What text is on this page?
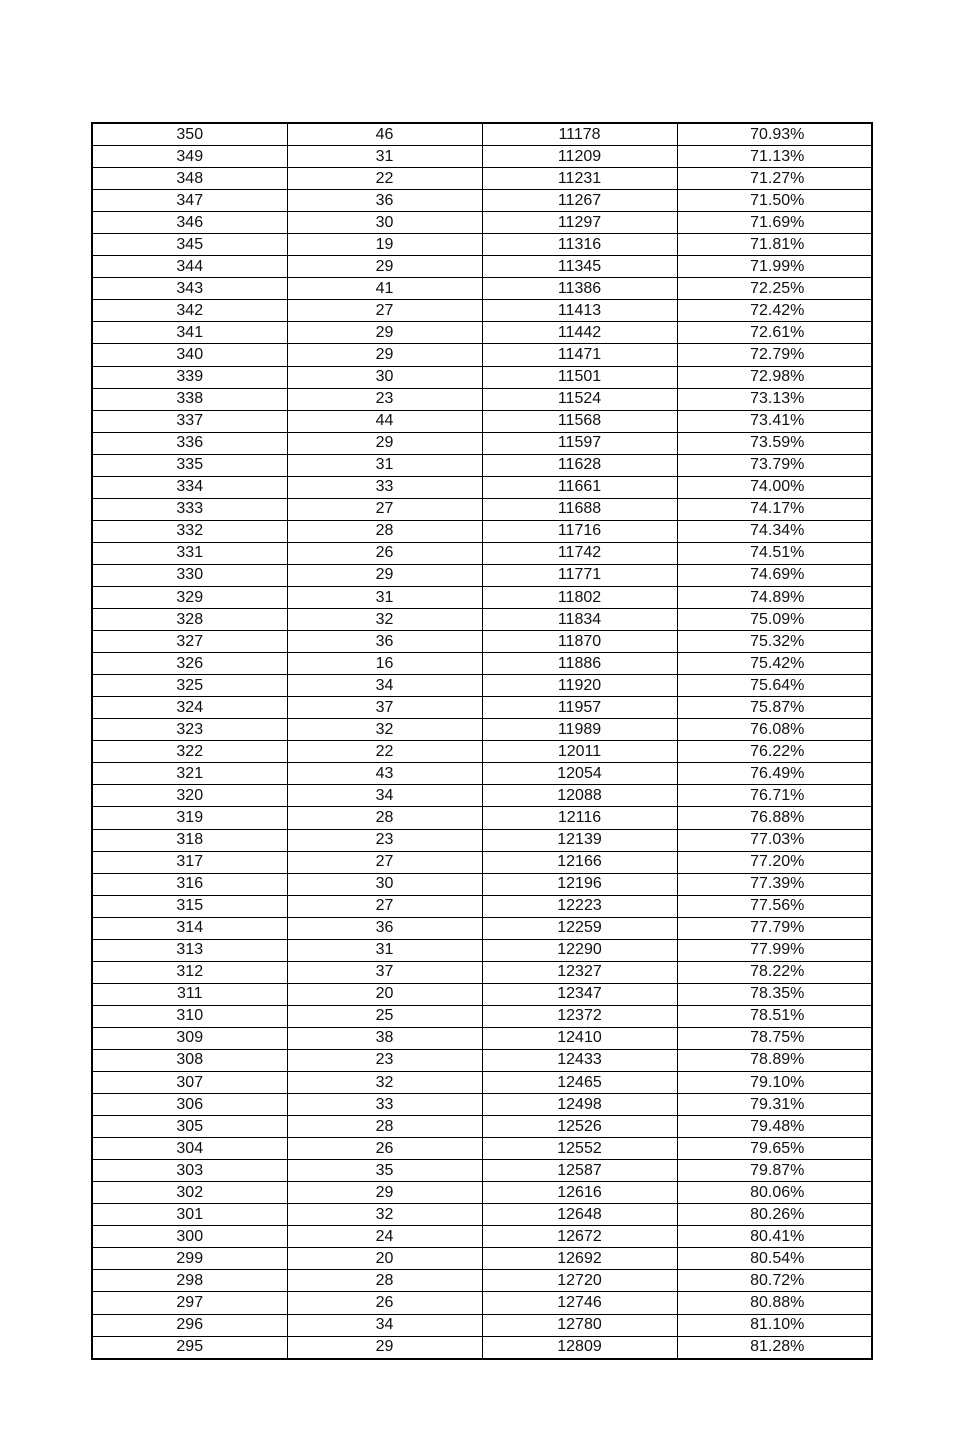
350	46	11178	70.93%
349	31	11209	71.13%
348	22	11231	71.27%
347	36	11267	71.50%
346	30	11297	71.69%
345	19	11316	71.81%
344	29	11345	71.99%
343	41	11386	72.25%
342	27	11413	72.42%
341	29	11442	72.61%
340	29	11471	72.79%
339	30	11501	72.98%
338	23	11524	73.13%
337	44	11568	73.41%
336	29	11597	73.59%
335	31	11628	73.79%
334	33	11661	74.00%
333	27	11688	74.17%
332	28	11716	74.34%
331	26	11742	74.51%
330	29	11771	74.69%
329	31	11802	74.89%
328	32	11834	75.09%
327	36	11870	75.32%
326	16	11886	75.42%
325	34	11920	75.64%
324	37	11957	75.87%
323	32	11989	76.08%
322	22	12011	76.22%
321	43	12054	76.49%
320	34	12088	76.71%
319	28	12116	76.88%
318	23	12139	77.03%
317	27	12166	77.20%
316	30	12196	77.39%
315	27	12223	77.56%
314	36	12259	77.79%
313	31	12290	77.99%
312	37	12327	78.22%
311	20	12347	78.35%
310	25	12372	78.51%
309	38	12410	78.75%
308	23	12433	78.89%
307	32	12465	79.10%
306	33	12498	79.31%
305	28	12526	79.48%
304	26	12552	79.65%
303	35	12587	79.87%
302	29	12616	80.06%
301	32	12648	80.26%
300	24	12672	80.41%
299	20	12692	80.54%
298	28	12720	80.72%
297	26	12746	80.88%
296	34	12780	81.10%
295	29	12809	81.28%
